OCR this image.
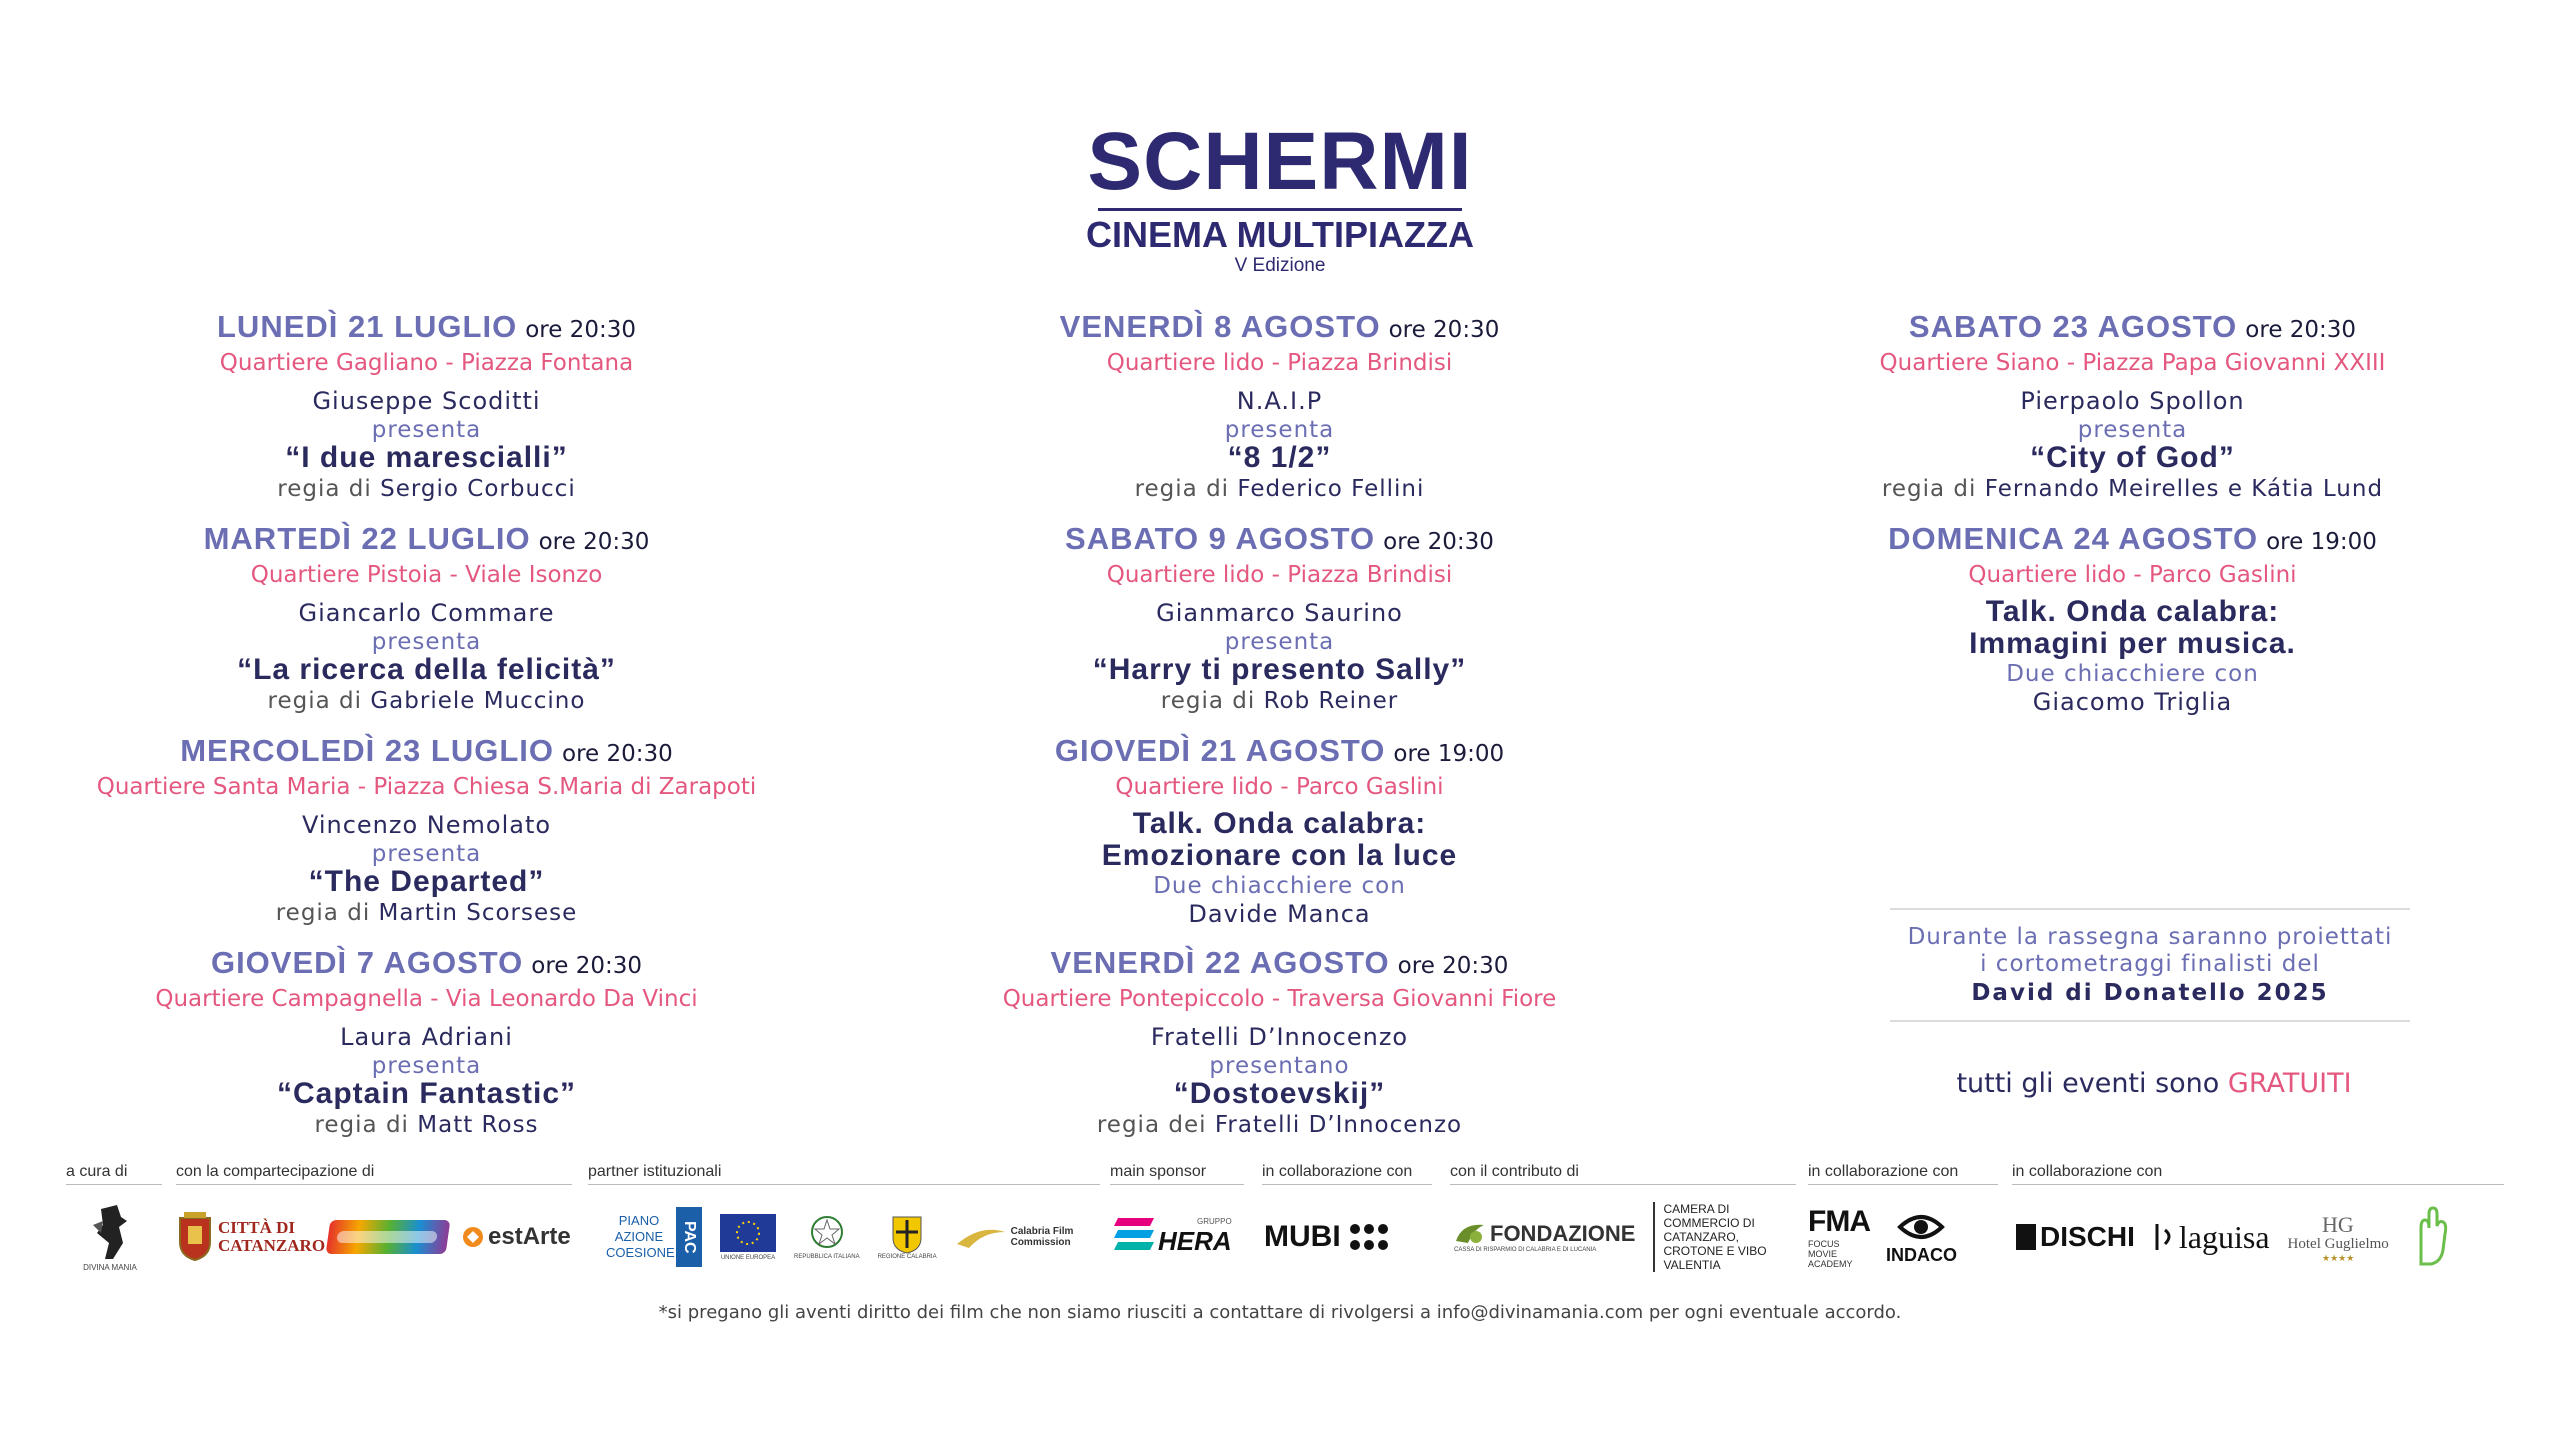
SCHERMI
CINEMA MULTIPIAZZA
V Edizione
LUNEDÌ 21 LUGLIO ore 20:30
Quartiere Gagliano - Piazza Fontana
Giuseppe Scoditti
presenta
“I due marescialli”
regia di Sergio Corbucci
MARTEDÌ 22 LUGLIO ore 20:30
Quartiere Pistoia - Viale Isonzo
Giancarlo Commare
presenta
“La ricerca della felicità”
regia di Gabriele Muccino
MERCOLEDÌ 23 LUGLIO ore 20:30
Quartiere Santa Maria - Piazza Chiesa S.Maria di Zarapoti
Vincenzo Nemolato
presenta
“The Departed”
regia di Martin Scorsese
GIOVEDÌ 7 AGOSTO ore 20:30
Quartiere Campagnella - Via Leonardo Da Vinci
Laura Adriani
presenta
“Captain Fantastic”
regia di Matt Ross
VENERDÌ 8 AGOSTO ore 20:30
Quartiere lido - Piazza Brindisi
N.A.I.P
presenta
“8 1/2”
regia di Federico Fellini
SABATO 9 AGOSTO ore 20:30
Quartiere lido - Piazza Brindisi
Gianmarco Saurino
presenta
“Harry ti presento Sally”
regia di Rob Reiner
GIOVEDÌ 21 AGOSTO ore 19:00
Quartiere lido - Parco Gaslini
Talk. Onda calabra:
Emozionare con la luce
Due chiacchiere con
Davide Manca
VENERDÌ 22 AGOSTO ore 20:30
Quartiere Pontepiccolo - Traversa Giovanni Fiore
Fratelli D’Innocenzo
presentano
“Dostoevskij”
regia dei Fratelli D’Innocenzo
SABATO 23 AGOSTO ore 20:30
Quartiere Siano - Piazza Papa Giovanni XXIII
Pierpaolo Spollon
presenta
“City of God”
regia di Fernando Meirelles e Kátia Lund
DOMENICA 24 AGOSTO ore 19:00
Quartiere lido - Parco Gaslini
Talk. Onda calabra:
Immagini per musica.
Due chiacchiere con
Giacomo Triglia
Durante la rassegna saranno proiettati
i cortometraggi finalisti del
David di Donatello 2025
tutti gli eventi sono GRATUITI
a cura di	con la compartecipazione di	partner istituzionali	main sponsor	in collaborazione con	con il contributo di	in collaborazione con	in collaborazione con
DIVINA MANIA
CITTÀ DI CATANZARO	estArte
PIANO AZIONE COESIONE PAC
UNIONE EUROPEA	REPUBBLICA ITALIANA	REGIONE CALABRIA
Calabria Film Commission
GRUPPO
HERA MUBI	FONDAZIONE
CASSA DI RISPARMIO DI CALABRIA E DI LUCANIA
CAMERA DI COMMERCIO DI CATANZARO, CROTONE E VIBO VALENTIA
FMA
FOCUS MOVIE ACADEMY	INDACO
DISCHI laguisa HG
Hotel Guglielmo
★★★★
*si pregano gli aventi diritto dei film che non siamo riusciti a contattare di rivolgersi a info@divinamania.com per ogni eventuale accordo.
